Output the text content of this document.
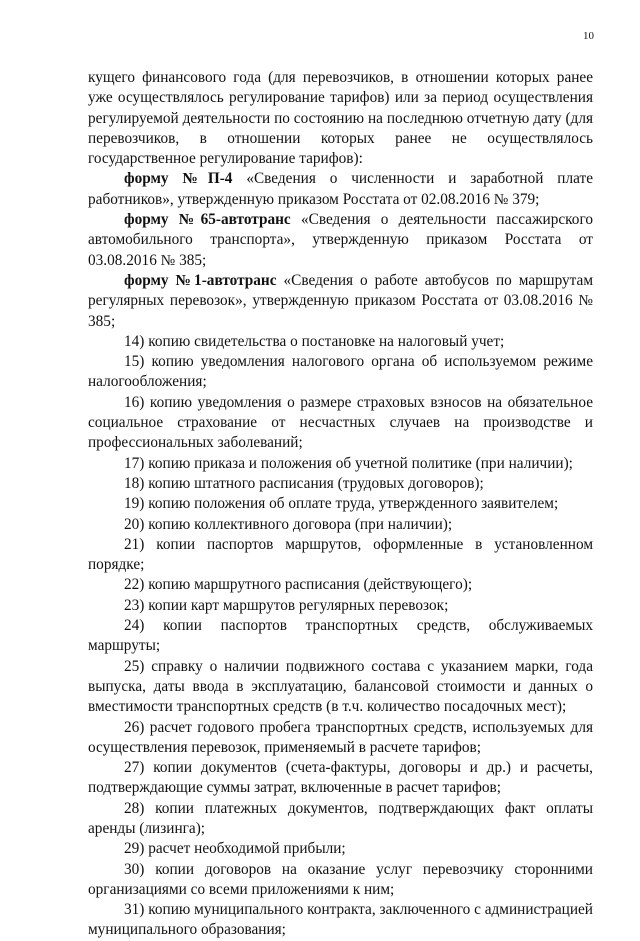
10

кущего финансового года (для перевозчиков, в отношении которых ранее уже осуществлялось регулирование тарифов) или за период осуществления регулируемой деятельности по состоянию на последнюю отчетную дату (для перевозчиков, в отношении которых ранее не осуществлялось государственное регулирование тарифов):

форму №П-4 «Сведения о численности и заработной плате работников», утвержденную приказом Росстата от 02.08.2016 № 379;

форму №65-автотранс «Сведения о деятельности пассажирского автомобильного транспорта», утвержденную приказом Росстата от 03.08.2016 № 385;

форму №1-автотранс «Сведения о работе автобусов по маршрутам регулярных перевозок», утвержденную приказом Росстата от 03.08.2016 № 385;

14) копию свидетельства о постановке на налоговый учет;

15) копию уведомления налогового органа об используемом режиме налогообложения;

16) копию уведомления о размере страховых взносов на обязательное социальное страхование от несчастных случаев на производстве и профессиональных заболеваний;

17) копию приказа и положения об учетной политике (при наличии);

18) копию штатного расписания (трудовых договоров);

19) копию положения об оплате труда, утвержденного заявителем;

20) копию коллективного договора (при наличии);

21) копии паспортов маршрутов, оформленные в установленном порядке;

22) копию маршрутного расписания (действующего);

23) копии карт маршрутов регулярных перевозок;

24) копии паспортов транспортных средств, обслуживаемых маршруты;

25) справку о наличии подвижного состава с указанием марки, года выпуска, даты ввода в эксплуатацию, балансовой стоимости и данных о вместимости транспортных средств (в т.ч. количество посадочных мест);

26) расчет годового пробега транспортных средств, используемых для осуществления перевозок, применяемый в расчете тарифов;

27) копии документов (счета-фактуры, договоры и др.) и расчеты, подтверждающие суммы затрат, включенные в расчет тарифов;

28) копии платежных документов, подтверждающих факт оплаты аренды (лизинга);

29) расчет необходимой прибыли;

30) копии договоров на оказание услуг перевозчику сторонними организациями со всеми приложениями к ним;

31) копию муниципального контракта, заключенного с администрацией муниципального образования;
